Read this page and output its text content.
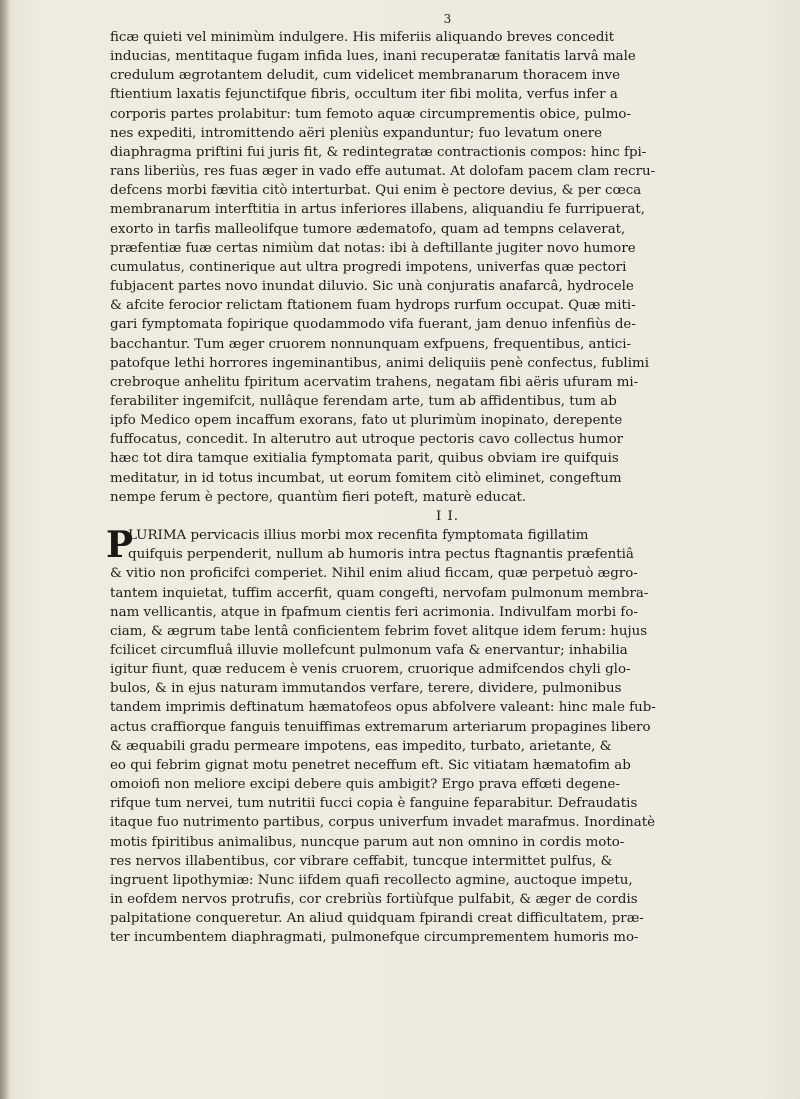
3
ficæ quieti vel minimùm indulgere. His miferiis aliquando breves concedit
inducias, mentitaque fugam infida lues, inani recuperatæ fanitatis larvâ male
credulum ægrotantem deludit, cum videlicet membranarum thoracem inve
ftientium laxatis fejunctifque fibris, occultum iter fibi molita, verfus infer a
corporis partes prolabitur: tum femoto aquæ circumprementis obice, pulmo-
nes expediti, intromittendo aëri pleniùs expanduntur; fuo levatum onere
diaphragma priftini fui juris fit, & redintegratæ contractionis compos: hinc fpi-
rans liberiùs, res fuas æger in vado effe autumat. At dolofam pacem clam recru-
defcens morbi fævitia citò interturbat. Qui enim è pectore devius, & per cœca
membranarum interftitia in artus inferiores illabens, aliquandiu fe furripuerat,
exorto in tarfis malleolifque tumore ædematofo, quam ad tempns celaverat,
præfentiæ fuæ certas nimiùm dat notas: ibi à deftillante jugiter novo humore
cumulatus, continerique aut ultra progredi impotens, univerfas quæ pectori
fubjacent partes novo inundat diluvio. Sic unà conjuratis anafarcâ, hydrocele
& afcite ferocior relictam ftationem fuam hydrops rurfum occupat. Quæ miti-
gari fymptomata fopirique quodammodo vifa fuerant, jam denuo infenfiùs de-
bacchantur. Tum æger cruorem nonnunquam exfpuens, frequentibus, antici-
patofque lethi horrores ingeminantibus, animi deliquiis penè confectus, fublimi
crebroque anhelitu fpiritum acervatim trahens, negatam fibi aëris ufuram mi-
ferabiliter ingemifcit, nullâque ferendam arte, tum ab affidentibus, tum ab
ipfo Medico opem incaffum exorans, fato ut plurimùm inopinato, derepente
fuffocatus, concedit. In alterutro aut utroque pectoris cavo collectus humor
hæc tot dira tamque exitialia fymptomata parit, quibus obviam ire quifquis
meditatur, in id totus incumbat, ut eorum fomitem citò eliminet, congeftum
nempe ferum è pectore, quantùm fieri poteft, maturè educat.
I I.
P
LURIMA pervicacis illius morbi mox recenfita fymptomata figillatim
quifquis perpenderit, nullum ab humoris intra pectus ftagnantis præfentiâ
& vitio non proficifci comperiet. Nihil enim aliud ficcam, quæ perpetuò ægro-
tantem inquietat, tuffim accerfit, quam congefti, nervofam pulmonum membra-
nam vellicantis, atque in fpafmum cientis feri acrimonia. Indivulfam morbi fo-
ciam, & ægrum tabe lentâ conficientem febrim fovet alitque idem ferum: hujus
fcilicet circumfluâ illuvie mollefcunt pulmonum vafa & enervantur; inhabilia
igitur fiunt, quæ reducem è venis cruorem, cruorique admifcendos chyli glo-
bulos, & in ejus naturam immutandos verfare, terere, dividere, pulmonibus
tandem imprimis deftinatum hæmatofeos opus abfolvere valeant: hinc male fub-
actus craffiorque fanguis tenuiffimas extremarum arteriarum propagines libero
& æquabili gradu permeare impotens, eas impedito, turbato, arietante, &
eo qui febrim gignat motu penetret neceffum eft. Sic vitiatam hæmatofim ab
omoiofi non meliore excipi debere quis ambigit? Ergo prava effœti degene-
rifque tum nervei, tum nutritii fucci copia è fanguine feparabitur. Defraudatis
itaque fuo nutrimento partibus, corpus univerfum invadet marafmus. Inordinatè
motis fpiritibus animalibus, nuncque parum aut non omnino in cordis moto-
res nervos illabentibus, cor vibrare ceffabit, tuncque intermittet pulfus, &
ingruent lipothymiæ: Nunc iifdem quafi recollecto agmine, auctoque impetu,
in eofdem nervos protrufis, cor crebriùs fortiùfque pulfabit, & æger de cordis
palpitatione conqueretur. An aliud quidquam fpirandi creat difficultatem, præ-
ter incumbentem diaphragmati, pulmonefque circumprementem humoris mo-
